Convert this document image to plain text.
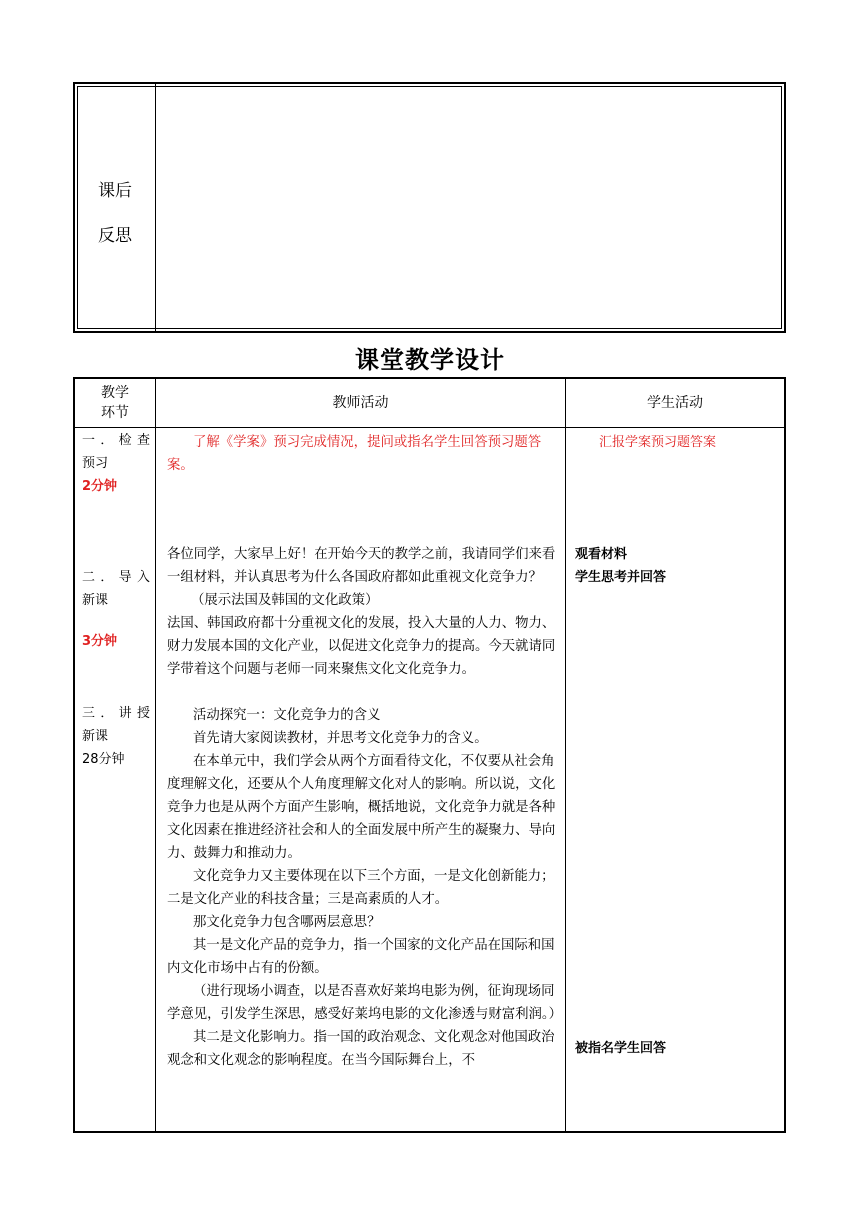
课后
反思
课堂教学设计
教学
环节
教师活动	学生活动
一．检查
预习
2分钟
二．导入
新课
3分钟
三．讲授
新课
28分钟

了解《学案》预习完成情况，提问或指名学生回答预习题答案。

各位同学，大家早上好！在开始今天的教学之前，我请同学们来看一组材料，并认真思考为什么各国政府都如此重视文化竞争力？

（展示法国及韩国的文化政策）

法国、韩国政府都十分重视文化的发展，投入大量的人力、物力、财力发展本国的文化产业，以促进文化竞争力的提高。今天就请同学带着这个问题与老师一同来聚焦文化文化竞争力。

活动探究一：文化竞争力的含义

首先请大家阅读教材，并思考文化竞争力的含义。

在本单元中，我们学会从两个方面看待文化，不仅要从社会角度理解文化，还要从个人角度理解文化对人的影响。所以说，文化竞争力也是从两个方面产生影响，概括地说，文化竞争力就是各种文化因素在推进经济社会和人的全面发展中所产生的凝聚力、导向力、鼓舞力和推动力。

文化竞争力又主要体现在以下三个方面，一是文化创新能力；二是文化产业的科技含量；三是高素质的人才。

那文化竞争力包含哪两层意思？

其一是文化产品的竞争力，指一个国家的文化产品在国际和国内文化市场中占有的份额。

（进行现场小调查，以是否喜欢好莱坞电影为例，征询现场同学意见，引发学生深思，感受好莱坞电影的文化渗透与财富利润。）

其二是文化影响力。指一国的政治观念、文化观念对他国政治观念和文化观念的影响程度。在当今国际舞台上，不

汇报学案预习题答案
观看材料
学生思考并回答
被指名学生回答
